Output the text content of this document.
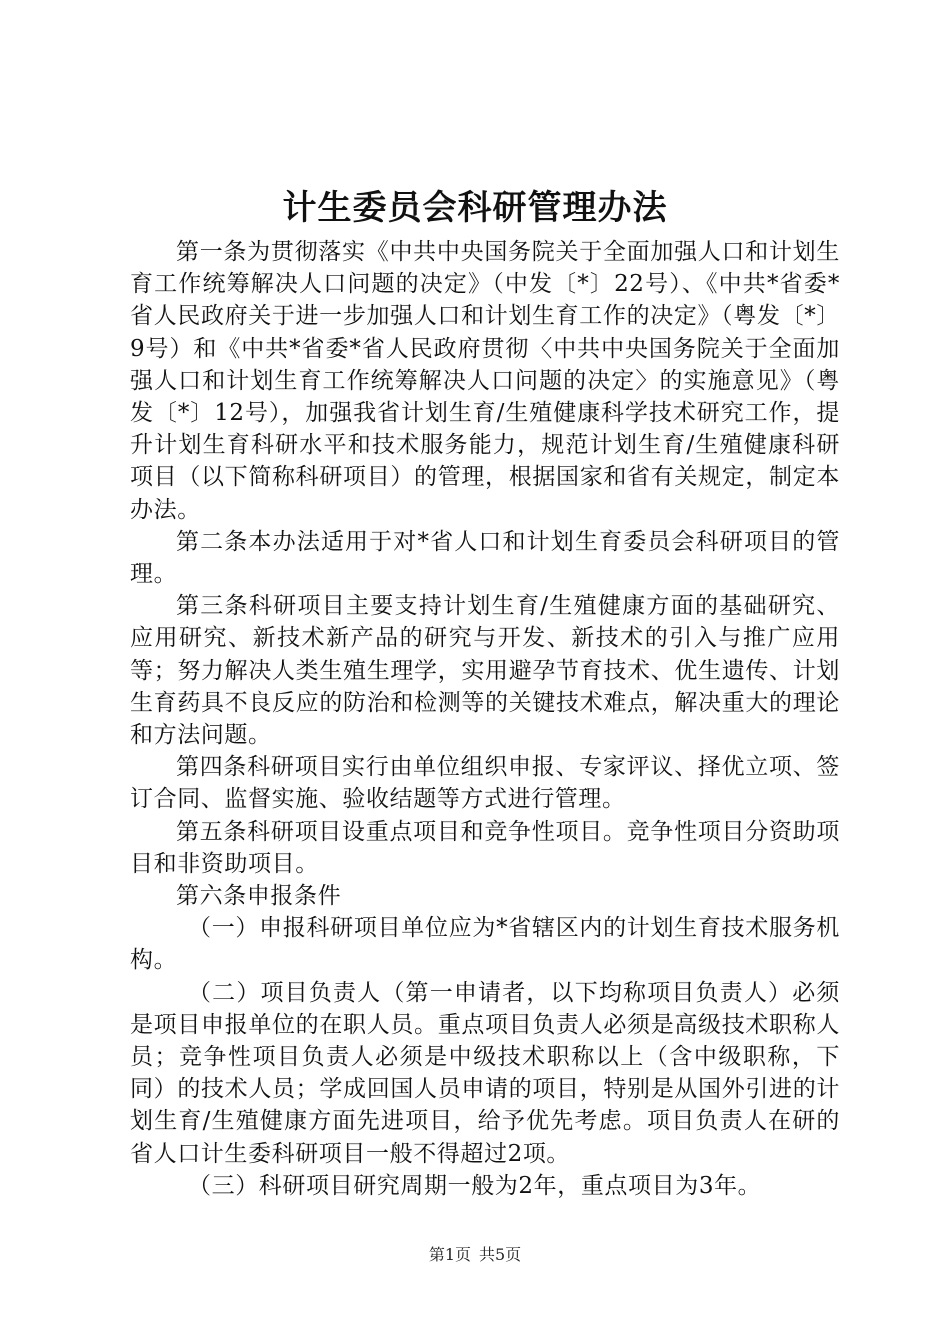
计生委员会科研管理办法

第一条为贯彻落实《中共中央国务院关于全面加强人口和计划生育工作统筹解决人口问题的决定》（中发〔*〕22号）、《中共*省委*省人民政府关于进一步加强人口和计划生育工作的决定》（粤发〔*〕9号）和《中共*省委*省人民政府贯彻〈中共中央国务院关于全面加强人口和计划生育工作统筹解决人口问题的决定〉的实施意见》（粤发〔*〕12号），加强我省计划生育/生殖健康科学技术研究工作，提升计划生育科研水平和技术服务能力，规范计划生育/生殖健康科研项目（以下简称科研项目）的管理，根据国家和省有关规定，制定本办法。

第二条本办法适用于对*省人口和计划生育委员会科研项目的管理。

第三条科研项目主要支持计划生育/生殖健康方面的基础研究、应用研究、新技术新产品的研究与开发、新技术的引入与推广应用等；努力解决人类生殖生理学，实用避孕节育技术、优生遗传、计划生育药具不良反应的防治和检测等的关键技术难点，解决重大的理论和方法问题。

第四条科研项目实行由单位组织申报、专家评议、择优立项、签订合同、监督实施、验收结题等方式进行管理。

第五条科研项目设重点项目和竞争性项目。竞争性项目分资助项目和非资助项目。

第六条申报条件

（一）申报科研项目单位应为*省辖区内的计划生育技术服务机构。

（二）项目负责人（第一申请者，以下均称项目负责人）必须是项目申报单位的在职人员。重点项目负责人必须是高级技术职称人员；竞争性项目负责人必须是中级技术职称以上（含中级职称，下同）的技术人员；学成回国人员申请的项目，特别是从国外引进的计划生育/生殖健康方面先进项目，给予优先考虑。项目负责人在研的省人口计生委科研项目一般不得超过2项。

（三）科研项目研究周期一般为2年，重点项目为3年。

第1页 共5页
